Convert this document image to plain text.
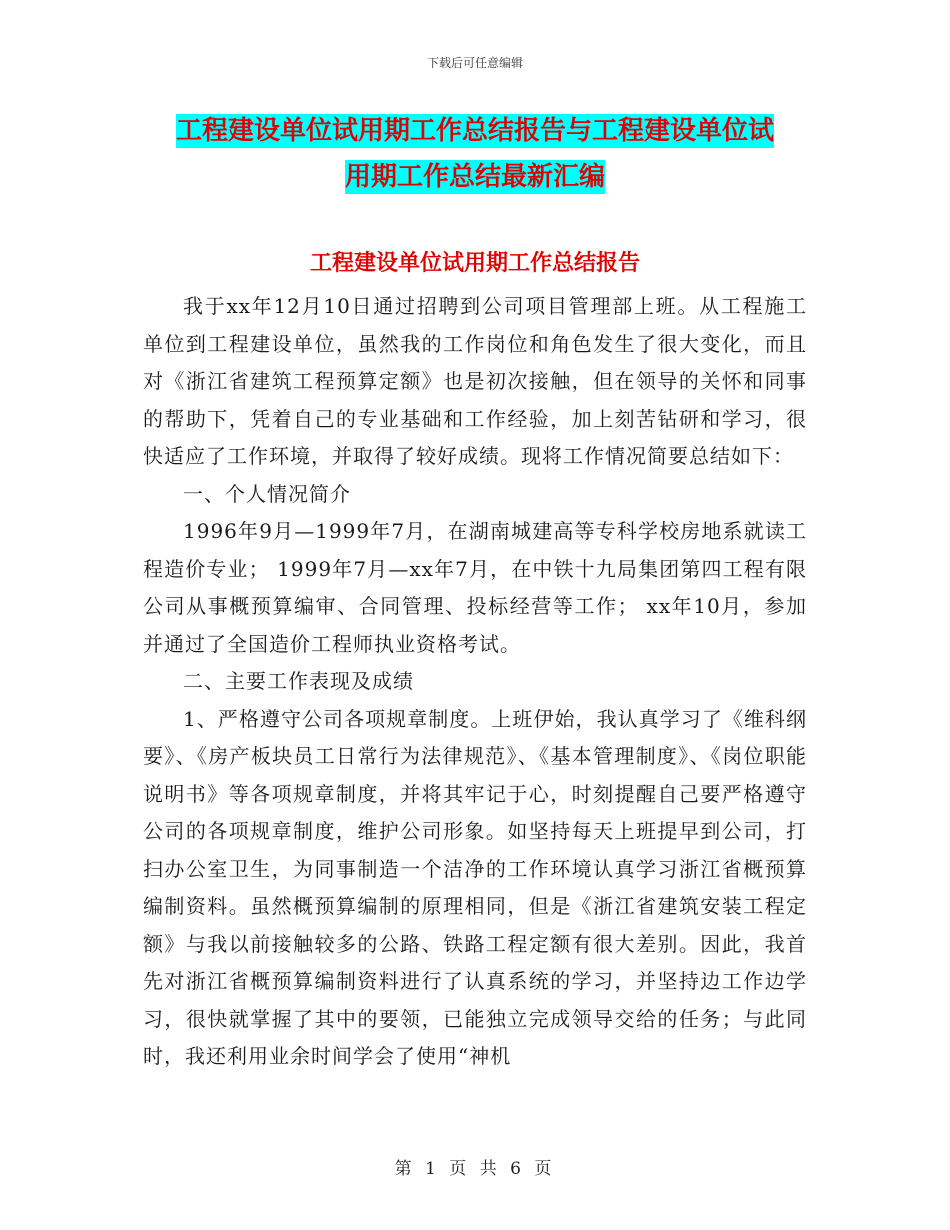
下载后可任意编辑
工程建设单位试用期工作总结报告与工程建设单位试
用期工作总结最新汇编
工程建设单位试用期工作总结报告

我于xx年12月10日通过招聘到公司项目管理部上班。从工程施工单位到工程建设单位，虽然我的工作岗位和角色发生了很大变化，而且对《浙江省建筑工程预算定额》也是初次接触，但在领导的关怀和同事的帮助下，凭着自己的专业基础和工作经验，加上刻苦钻研和学习，很快适应了工作环境，并取得了较好成绩。现将工作情况简要总结如下：

一、个人情况简介

1996年9月—1999年7月，在湖南城建高等专科学校房地系就读工程造价专业； 1999年7月—xx年7月，在中铁十九局集团第四工程有限公司从事概预算编审、合同管理、投标经营等工作； xx年10月，参加并通过了全国造价工程师执业资格考试。

二、主要工作表现及成绩

1、严格遵守公司各项规章制度。上班伊始，我认真学习了《维科纲要》、《房产板块员工日常行为法律规范》、《基本管理制度》、《岗位职能说明书》等各项规章制度，并将其牢记于心，时刻提醒自己要严格遵守公司的各项规章制度，维护公司形象。如坚持每天上班提早到公司，打扫办公室卫生，为同事制造一个洁净的工作环境认真学习浙江省概预算编制资料。虽然概预算编制的原理相同，但是《浙江省建筑安装工程定额》与我以前接触较多的公路、铁路工程定额有很大差别。因此，我首先对浙江省概预算编制资料进行了认真系统的学习，并坚持边工作边学习，很快就掌握了其中的要领，已能独立完成领导交给的任务；与此同时，我还利用业余时间学会了使用“神机

第 1 页 共 6 页
